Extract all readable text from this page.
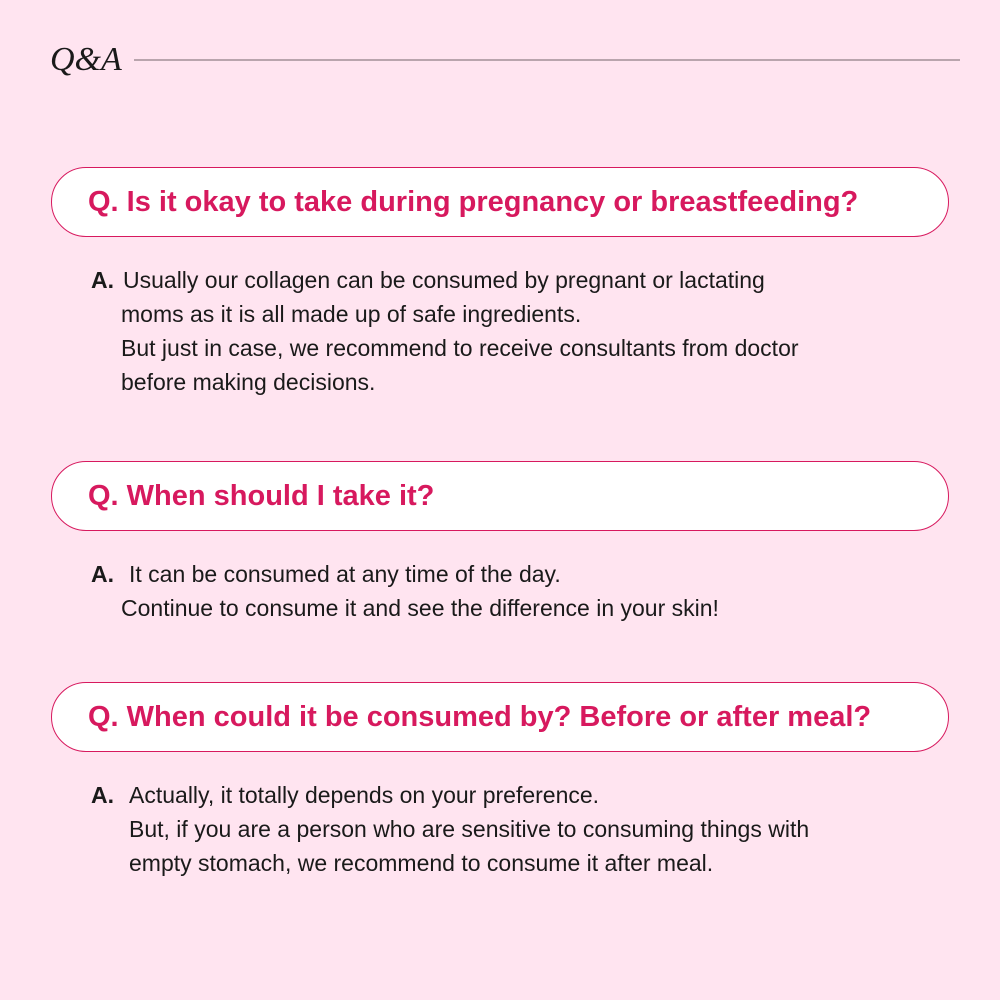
Q&A
Q. Is it okay to take during pregnancy or breastfeeding?
A. Usually our collagen can be consumed by pregnant or lactating
moms as it is all made up of safe ingredients.
But just in case, we recommend to receive consultants from doctor
before making decisions.
Q. When should I take it?
A. It can be consumed at any time of the day.
Continue to consume it and see the difference in your skin!
Q. When could it be consumed by? Before or after meal?
A. Actually, it totally depends on your preference.
But, if you are a person who are sensitive to consuming things with
empty stomach, we recommend to consume it after meal.
